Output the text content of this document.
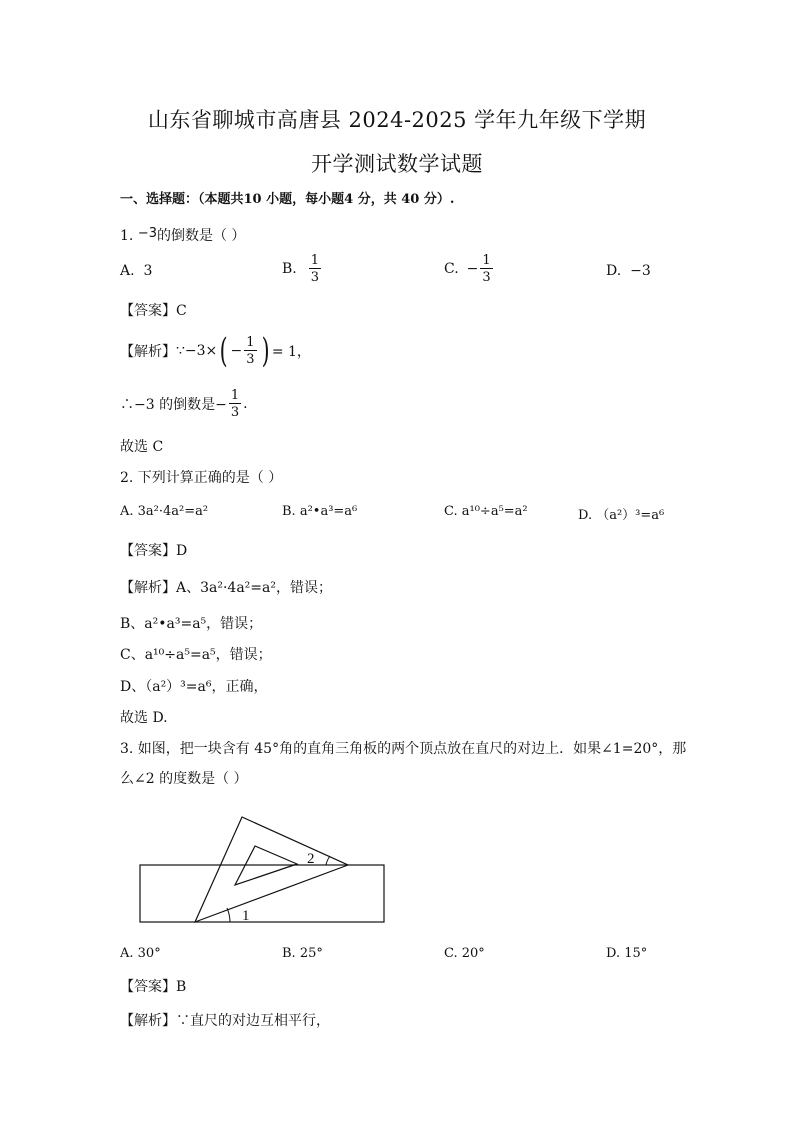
山东省聊城市高唐县 2024-2025 学年九年级下学期
开学测试数学试题
一、选择题：（本题共10 小题，每小题4 分，共 40 分）.
1. −3的倒数是（ ）
A. 3	B. $\frac{1}{3}$	C. − $\frac{1}{3}$	D. −3
【答案】C
【解析】 ∵−3× ( − $\frac{1}{3}$ ) = 1，
∴−3 的倒数是− $\frac{1}{3}$ .
故选 C
2. 下列计算正确的是（ ）
A. 3a²·4a²=a²	B. a²•a³=a⁶	C. a¹⁰÷a⁵=a²	D. （a²）³=a⁶
【答案】D
【解析】A、3a²·4a²=a²，错误；
B、a²•a³=a⁵，错误；
C、a¹⁰÷a⁵=a⁵，错误；
D、（a²）³=a⁶，正确，
故选 D.
3. 如图，把一块含有 45°角的直角三角板的两个顶点放在直尺的对边上．如果∠1=20°，那
么∠2 的度数是（ ）
1
2
A. 30°	B. 25°	C. 20°	D. 15°
【答案】B
【解析】∵直尺的对边互相平行，
